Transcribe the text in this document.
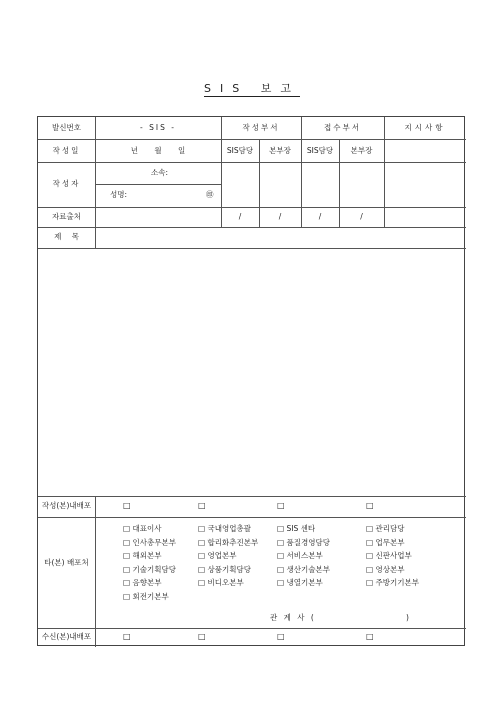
SIS 보고
발신번호	- SIS -	작성부서	접수부서	지시사항
작성일	년 월 일	SIS담당	본부장	SIS담당	본부장
작성자
소속:
성명:	㊞
자료출처	/	/	/	/
제 목
작성(본)내배포	□	□	□	□
타(본) 배포처
□ 대표이사	□ 국내영업총괄	□ SIS 센타	□ 관리담당
□ 인사총무본부	□ 합리화추진본부	□ 품질경영담당	□ 업무본부
□ 해외본부	□ 영업본부	□ 서비스본부	□ 신판사업부
□ 기술기획담당	□ 상품기획담당	□ 생산기술본부	□ 영상본부
□ 음향본부	□ 비디오본부	□ 냉열기본부	□ 주방기기본부
□ 회전기본부
관 계 사 (	)
수신(본)내배포	□	□	□	□
